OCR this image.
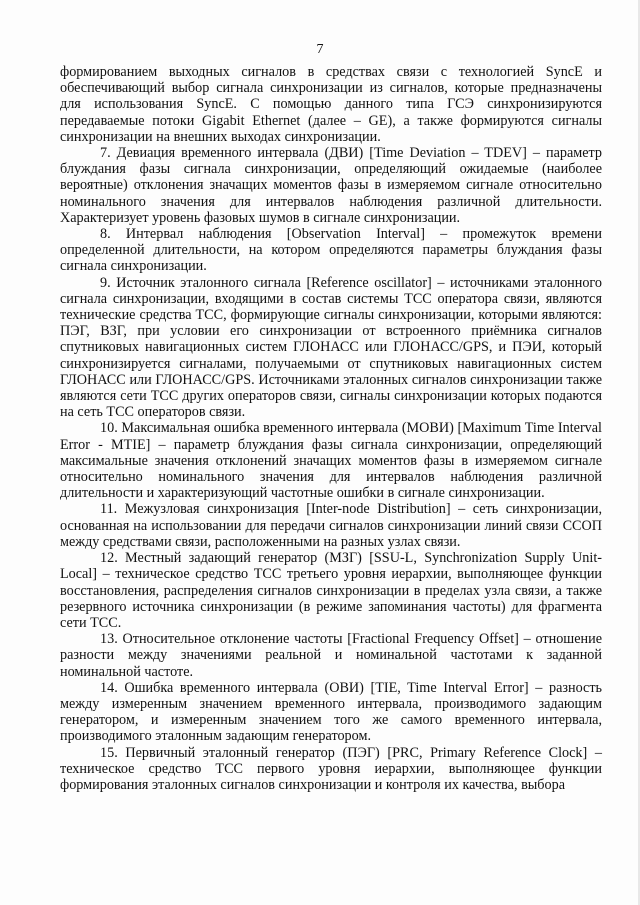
7

формированием выходных сигналов в средствах связи с технологией SyncE и обеспечивающий выбор сигнала синхронизации из сигналов, которые предназначены для использования SyncE. С помощью данного типа ГСЭ синхронизируются передаваемые потоки Gigabit Ethernet (далее – GE), а также формируются сигналы синхронизации на внешних выходах синхронизации.

7. Девиация временного интервала (ДВИ) [Time Deviation – TDEV] – параметр блуждания фазы сигнала синхронизации, определяющий ожидаемые (наиболее вероятные) отклонения значащих моментов фазы в измеряемом сигнале относительно номинального значения для интервалов наблюдения различной длительности. Характеризует уровень фазовых шумов в сигнале синхронизации.

8. Интервал наблюдения [Observation Interval] – промежуток времени определенной длительности, на котором определяются параметры блуждания фазы сигнала синхронизации.

9. Источник эталонного сигнала [Reference oscillator] – источниками эталонного сигнала синхронизации, входящими в состав системы ТСС оператора связи, являются технические средства ТСС, формирующие сигналы синхронизации, которыми являются: ПЭГ, ВЗГ, при условии его синхронизации от встроенного приёмника сигналов спутниковых навигационных систем ГЛОНАСС или ГЛОНАСС/GPS, и ПЭИ, который синхронизируется сигналами, получаемыми от спутниковых навигационных систем ГЛОНАСС или ГЛОНАСС/GPS. Источниками эталонных сигналов синхронизации также являются сети ТСС других операторов связи, сигналы синхронизации которых подаются на сеть ТСС операторов связи.

10. Максимальная ошибка временного интервала (МОВИ) [Maximum Time Interval Error - MTIE] – параметр блуждания фазы сигнала синхронизации, определяющий максимальные значения отклонений значащих моментов фазы в измеряемом сигнале относительно номинального значения для интервалов наблюдения различной длительности и характеризующий частотные ошибки в сигнале синхронизации.

11. Межузловая синхронизация [Inter-node Distribution] – сеть синхронизации, основанная на использовании для передачи сигналов синхронизации линий связи ССОП между средствами связи, расположенными на разных узлах связи.

12. Местный задающий генератор (МЗГ) [SSU-L, Synchronization Supply Unit-Local] – техническое средство ТСС третьего уровня иерархии, выполняющее функции восстановления, распределения сигналов синхронизации в пределах узла связи, а также резервного источника синхронизации (в режиме запоминания частоты) для фрагмента сети ТСС.

13. Относительное отклонение частоты [Fractional Frequency Offset] – отношение разности между значениями реальной и номинальной частотами к заданной номинальной частоте.

14. Ошибка временного интервала (ОВИ) [TIE, Time Interval Error] – разность между измеренным значением временного интервала, производимого задающим генератором, и измеренным значением того же самого временного интервала, производимого эталонным задающим генератором.

15. Первичный эталонный генератор (ПЭГ) [PRC, Primary Reference Clock] – техническое средство ТСС первого уровня иерархии, выполняющее функции формирования эталонных сигналов синхронизации и контроля их качества, выбора
